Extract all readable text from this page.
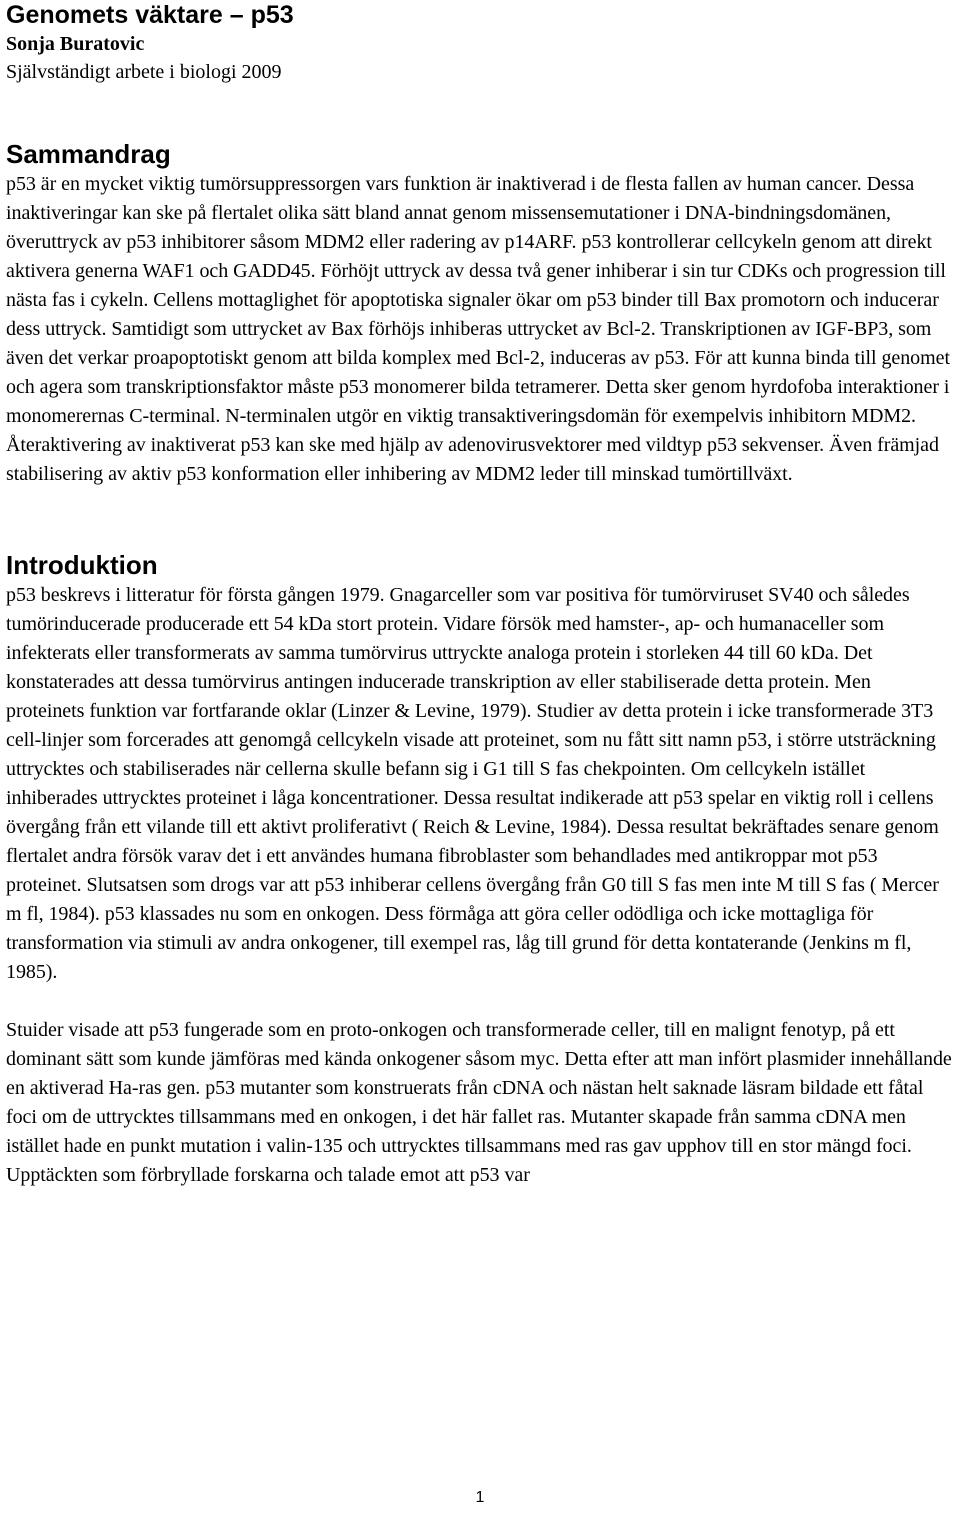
Genomets väktare – p53
Sonja Buratovic
Självständigt arbete i biologi 2009
Sammandrag

p53 är en mycket viktig tumörsuppressorgen vars funktion är inaktiverad i de flesta fallen av human cancer. Dessa inaktiveringar kan ske på flertalet olika sätt bland annat genom missensemutationer i DNA-bindningsdomänen, överuttryck av p53 inhibitorer såsom MDM2 eller radering av p14ARF. p53 kontrollerar cellcykeln genom att direkt aktivera generna WAF1 och GADD45. Förhöjt uttryck av dessa två gener inhiberar i sin tur CDKs och progression till nästa fas i cykeln. Cellens mottaglighet för apoptotiska signaler ökar om p53 binder till Bax promotorn och inducerar dess uttryck. Samtidigt som uttrycket av Bax förhöjs inhiberas uttrycket av Bcl-2. Transkriptionen av IGF-BP3, som även det verkar proapoptotiskt genom att bilda komplex med Bcl-2, induceras av p53. För att kunna binda till genomet och agera som transkriptionsfaktor måste p53 monomerer bilda tetramerer. Detta sker genom hyrdofoba interaktioner i monomerernas C-terminal. N-terminalen utgör en viktig transaktiveringsdomän för exempelvis inhibitorn MDM2. Återaktivering av inaktiverat p53 kan ske med hjälp av adenovirusvektorer med vildtyp p53 sekvenser. Även främjad stabilisering av aktiv p53 konformation eller inhibering av MDM2 leder till minskad tumörtillväxt.

Introduktion

p53 beskrevs i litteratur för första gången 1979. Gnagarceller som var positiva för tumörviruset SV40 och således tumörinducerade producerade ett 54 kDa stort protein. Vidare försök med hamster-, ap- och humanaceller som infekterats eller transformerats av samma tumörvirus uttryckte analoga protein i storleken 44 till 60 kDa. Det konstaterades att dessa tumörvirus antingen inducerade transkription av eller stabiliserade detta protein. Men proteinets funktion var fortfarande oklar (Linzer & Levine, 1979). Studier av detta protein i icke transformerade 3T3 cell-linjer som forcerades att genomgå cellcykeln visade att proteinet, som nu fått sitt namn p53, i större utsträckning uttrycktes och stabiliserades när cellerna skulle befann sig i G1 till S fas chekpointen. Om cellcykeln istället inhiberades uttrycktes proteinet i låga koncentrationer. Dessa resultat indikerade att p53 spelar en viktig roll i cellens övergång från ett vilande till ett aktivt proliferativt ( Reich & Levine, 1984). Dessa resultat bekräftades senare genom flertalet andra försök varav det i ett användes humana fibroblaster som behandlades med antikroppar mot p53 proteinet. Slutsatsen som drogs var att p53 inhiberar cellens övergång från G0 till S fas men inte M till S fas ( Mercer m fl, 1984). p53 klassades nu som en onkogen. Dess förmåga att göra celler odödliga och icke mottagliga för transformation via stimuli av andra onkogener, till exempel ras, låg till grund för detta kontaterande (Jenkins m fl, 1985).

Stuider visade att p53 fungerade som en proto-onkogen och transformerade celler, till en malignt fenotyp, på ett dominant sätt som kunde jämföras med kända onkogener såsom myc. Detta efter att man infört plasmider innehållande en aktiverad Ha-ras gen. p53 mutanter som konstruerats från cDNA och nästan helt saknade läsram bildade ett fåtal foci om de uttrycktes tillsammans med en onkogen, i det här fallet ras. Mutanter skapade från samma cDNA men istället hade en punkt mutation i valin-135 och uttrycktes tillsammans med ras gav upphov till en stor mängd foci. Upptäckten som förbryllade forskarna och talade emot att p53 var

1
